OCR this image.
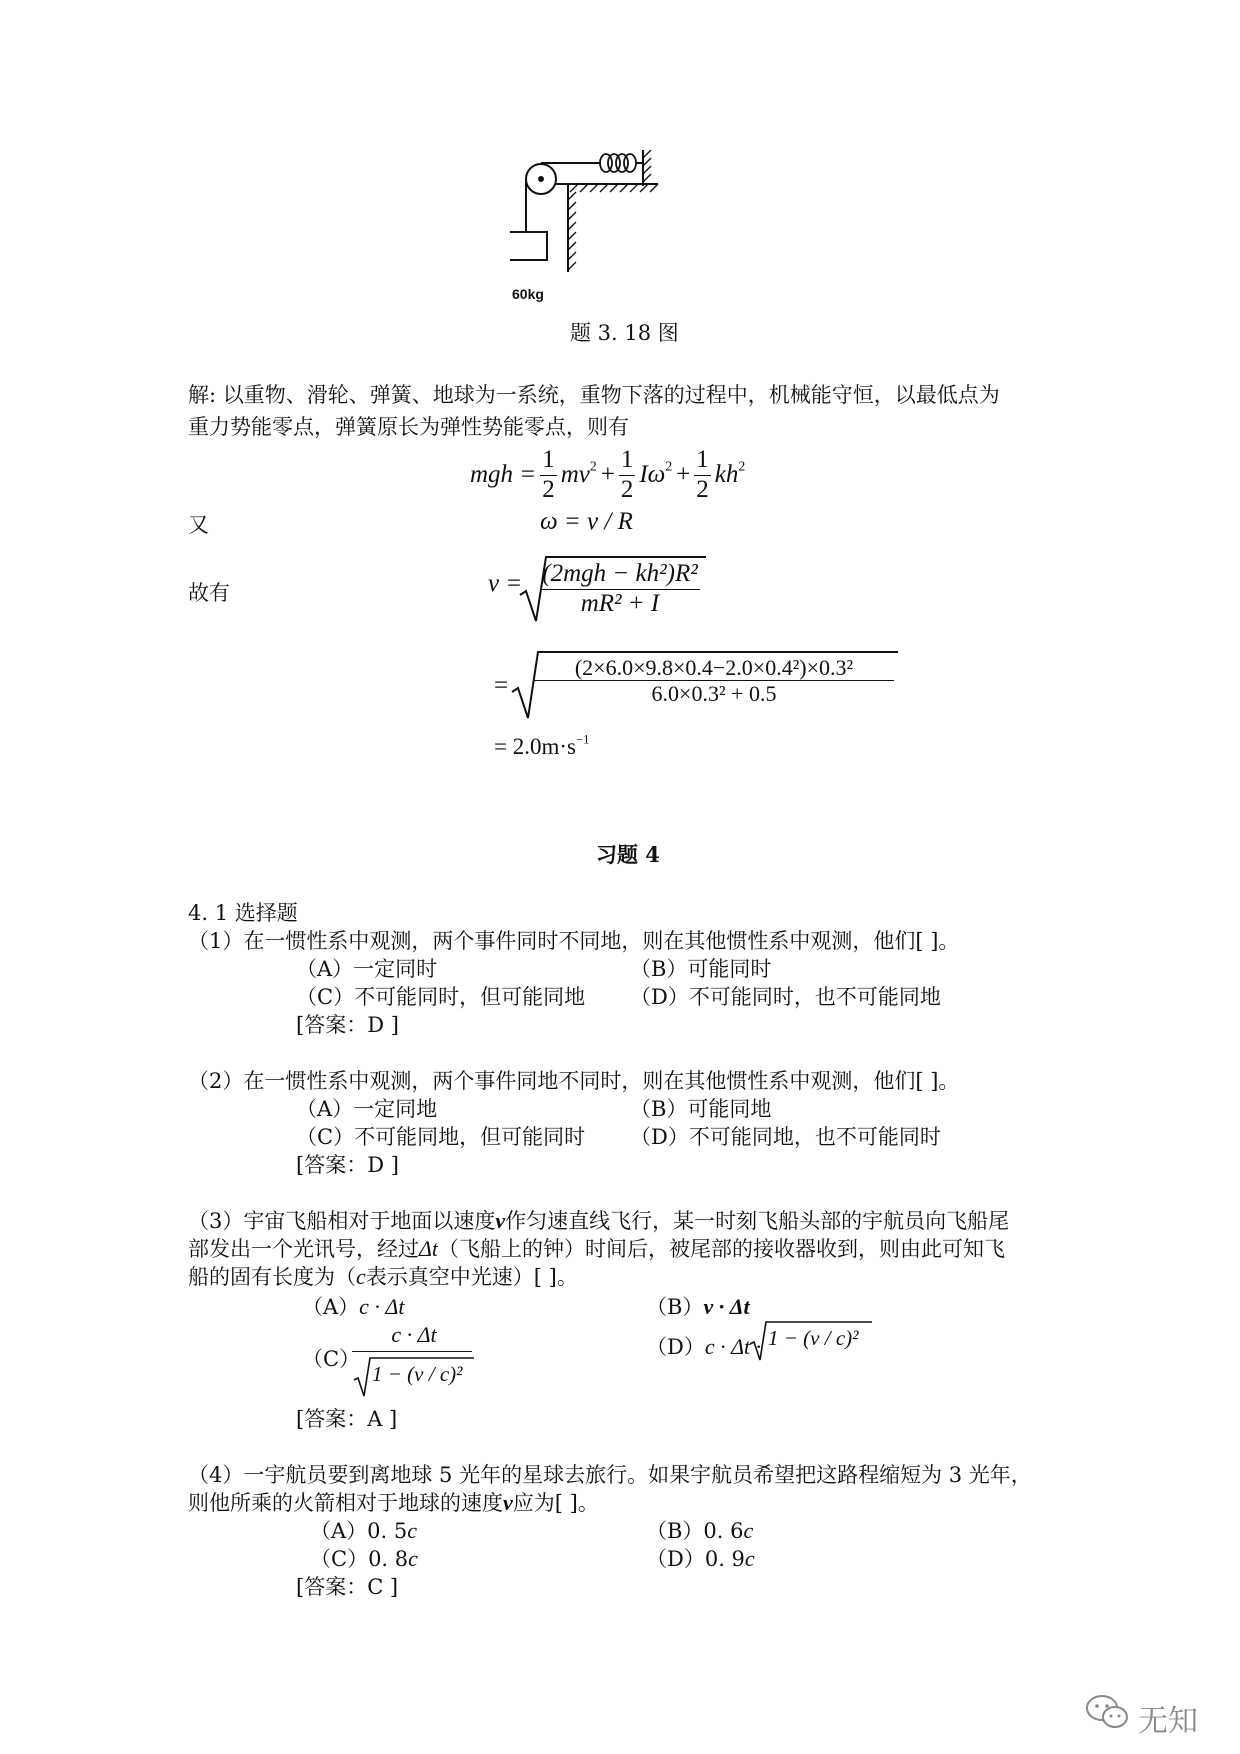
60kg
题 3. 18 图
解: 以重物、滑轮、弹簧、地球为一系统，重物下落的过程中，机械能守恒，以最低点为
重力势能零点，弹簧原长为弹性势能零点，则有
mgh = $\frac{1}{2} mv^2 + \frac{1}{2} I\omega^2 + \frac{1}{2} kh^2$
又	ω = v / R
故有	$v = \frac{\text{(2mgh − kh²)R²}}{\text{mR² + I}}$
= $\frac{\text{(2×6.0×9.8×0.4−2.0×0.4²)×0.3²}}{\text{6.0×0.3² + 0.5}}$
= $2.0m\cdot s^{-1}$
习题 4
4. 1 选择题
（1）在一惯性系中观测，两个事件同时不同地，则在其他惯性系中观测，他们[ ]。
（A）一定同时	（B）可能同时
（C）不可能同时，但可能同地 （D）不可能同时，也不可能同地
[答案：D ]
（2）在一惯性系中观测，两个事件同地不同时，则在其他惯性系中观测，他们[ ]。
（A）一定同地	（B）可能同地
（C）不可能同地，但可能同时 （D）不可能同地，也不可能同时
[答案：D ]
（3）宇宙飞船相对于地面以速度v作匀速直线飞行，某一时刻飞船头部的宇航员向飞船尾
部发出一个光讯号，经过Δt（飞船上的钟）时间后，被尾部的接收器收到，则由此可知飞
船的固有长度为（c表示真空中光速）[ ]。
（A）c · Δt	（B）v · Δt
（C）
c · Δt
1 − (v / c)²
（D）c · Δt · 1 − (v / c)²
[答案：A ]
（4）一宇航员要到离地球 5 光年的星球去旅行。如果宇航员希望把这路程缩短为 3 光年，
则他所乘的火箭相对于地球的速度v应为[ ]。
（A）0. 5c	（B）0. 6c
（C）0. 8c	（D）0. 9c
[答案：C ]
无知
